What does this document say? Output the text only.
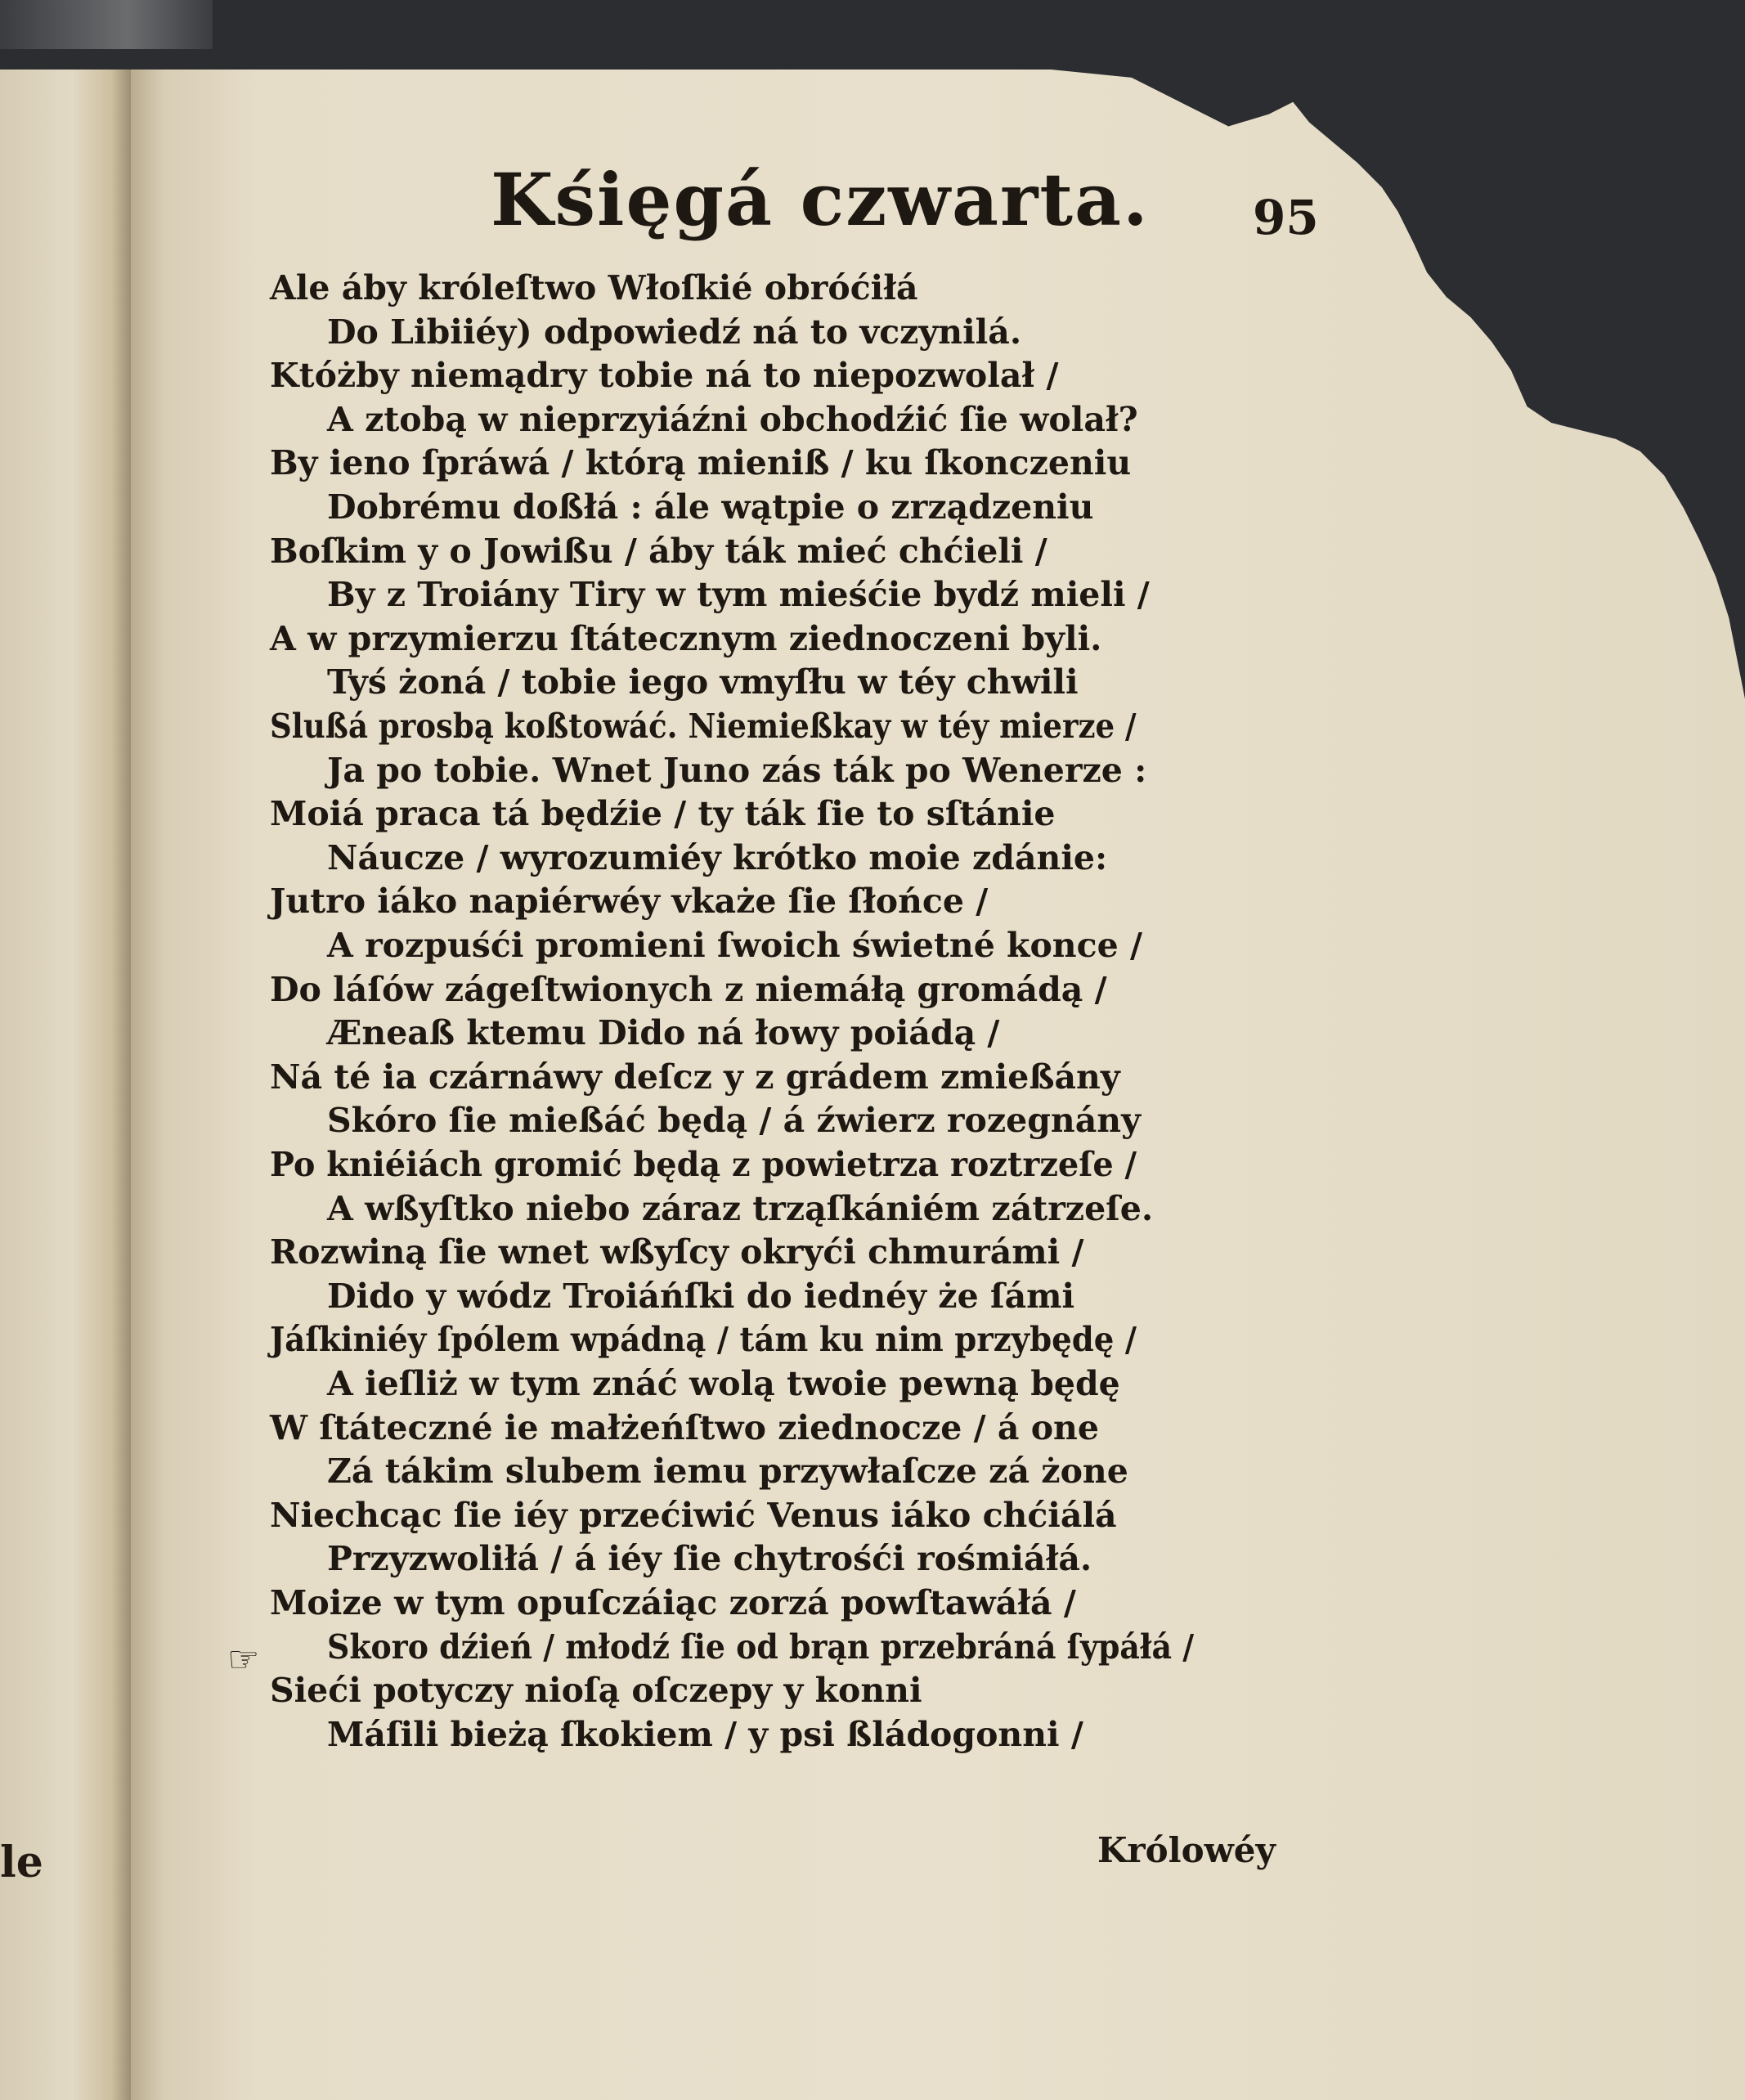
le
Kśięgá czwarta. 95
Ale áby króleſtwo Włoſkié obróćiłá
Do Libiiéy) odpowiedź ná to vczynilá.
Któżby niemądry tobie ná to niepozwolał /
A ztobą w nieprzyiáźni obchodźić ſie wolał?
By ieno ſpráwá / którą mieniß / ku ſkonczeniu
Dobrému doßłá : ále wątpie o zrządzeniu
Boſkim y o Jowißu / áby ták mieć chćieli /
By z Troiány Tiry w tym mieśćie bydź mieli /
A w przymierzu ſtátecznym ziednoczeni byli.
Tyś żoná / tobie iego vmyſłu w téy chwili
Slußá prosbą koßtowáć. Niemießkay w téy mierze /
Ja po tobie. Wnet Juno zás ták po Wenerze :
Moiá praca tá będźie / ty ták ſie to sſtánie
Náucze / wyrozumiéy krótko moie zdánie:
Jutro iáko napiérwéy vkaże ſie ſłońce /
A rozpuśći promieni ſwoich świetné konce /
Do láſów zágeſtwionych z niemáłą gromádą /
Æneaß ktemu Dido ná łowy poiádą /
Ná té ia czárnáwy deſcz y z grádem zmießány
Skóro ſie mießáć będą / á źwierz rozegnány
Po kniéiách gromić będą z powietrza roztrzeſe /
A wßyſtko niebo záraz trząſkániém zátrzeſe.
Rozwiną ſie wnet wßyſcy okryći chmurámi /
Dido y wódz Troiáńſki do iednéy że ſámi
Jáſkiniéy ſpólem wpádną / tám ku nim przybędę /
A ieſliż w tym znáć wolą twoie pewną będę
W ſtáteczné ie małżeńſtwo ziednocze / á one
Zá tákim slubem iemu przywłaſcze zá żone
Niechcąc ſie iéy przećiwić Venus iáko chćiálá
Przyzwoliłá / á iéy ſie chytrośći rośmiáłá.
Moize w tym opuſczáiąc zorzá powſtawáłá /
Skoro dźień / młodź ſie od brąn przebráná ſypáłá /
Sieći potyczy nioſą oſczepy y konni
Máſili bieżą ſkokiem / y psi ßládogonni /
☞
Królowéy
